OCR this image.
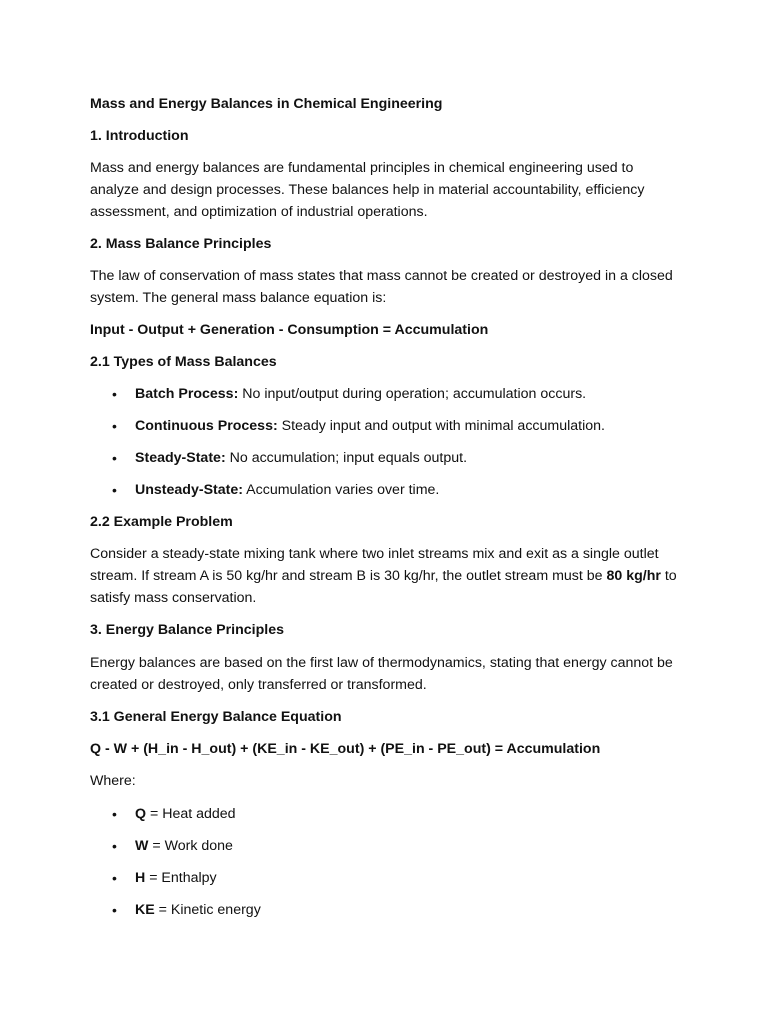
Mass and Energy Balances in Chemical Engineering

1. Introduction

Mass and energy balances are fundamental principles in chemical engineering used to analyze and design processes. These balances help in material accountability, efficiency assessment, and optimization of industrial operations.

2. Mass Balance Principles

The law of conservation of mass states that mass cannot be created or destroyed in a closed system. The general mass balance equation is:

Input - Output + Generation - Consumption = Accumulation

2.1 Types of Mass Balances

• Batch Process: No input/output during operation; accumulation occurs.
• Continuous Process: Steady input and output with minimal accumulation.
• Steady-State: No accumulation; input equals output.
• Unsteady-State: Accumulation varies over time.

2.2 Example Problem

Consider a steady-state mixing tank where two inlet streams mix and exit as a single outlet stream. If stream A is 50 kg/hr and stream B is 30 kg/hr, the outlet stream must be 80 kg/hr to satisfy mass conservation.

3. Energy Balance Principles

Energy balances are based on the first law of thermodynamics, stating that energy cannot be created or destroyed, only transferred or transformed.

3.1 General Energy Balance Equation

Q - W + (H_in - H_out) + (KE_in - KE_out) + (PE_in - PE_out) = Accumulation

Where:

• Q = Heat added
• W = Work done
• H = Enthalpy
• KE = Kinetic energy
